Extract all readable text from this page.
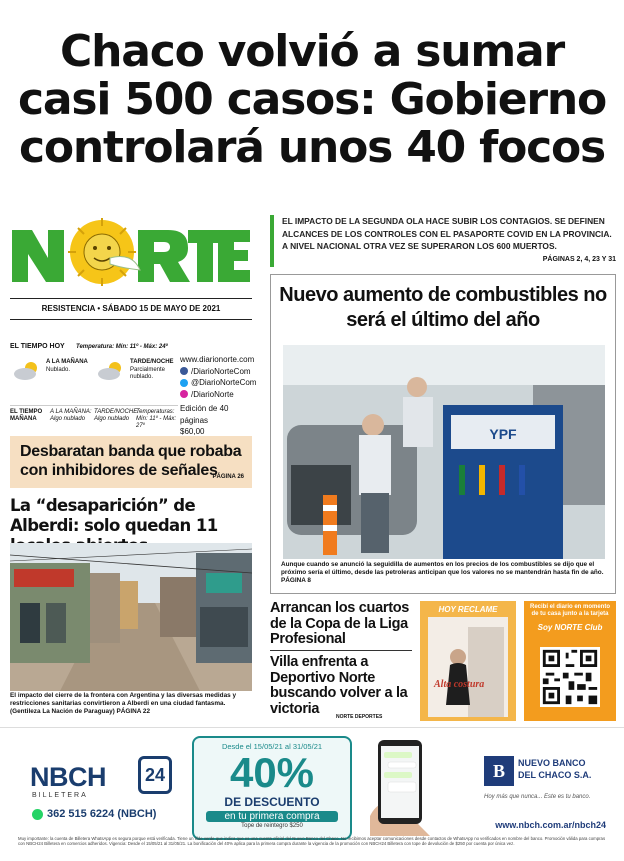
Chaco volvió a sumar
casi 500 casos: Gobierno
controlará unos 40 focos
RESISTENCIA • SÁBADO 15 DE MAYO DE 2021
EL IMPACTO DE LA SEGUNDA OLA HACE SUBIR LOS CONTAGIOS. SE DEFINEN ALCANCES DE LOS CONTROLES CON EL PASAPORTE COVID EN LA PROVINCIA. A NIVEL NACIONAL OTRA VEZ SE SUPERARON LOS 600 MUERTOS.
PÁGINAS 2, 4, 23 Y 31
EL TIEMPO HOY Temperatura: Mín: 11º - Máx: 24º
A LA MAÑANA
Nublado.
TARDE/NOCHE
Parcialmente nublado.
EL TIEMPO MAÑANA
A LA MAÑANA: Algo nublado
TARDE/NOCHE: Algo nublado
Temperaturas: Mín: 11º - Máx: 27º
www.diarionorte.com
/DiarioNorteCom
@DiarioNorteCom
/DiarioNorte
Edición de 40 páginas
$60,00
Desbaratan banda que robaba con inhibidores de señales
PÁGINA 26
La “desaparición” de Alberdi: solo quedan 11
El impacto del cierre de la frontera con Argentina y las diversas medidas y restricciones sanitarias convirtieron a Alberdi en una ciudad fantasma. (Gentileza La Nación de Paraguay) PÁGINA 22
Nuevo aumento de combustibles no será el último del año
YPF
Aunque cuando se anunció la seguidilla de aumentos en los precios de los combustibles se dijo que el próximo sería el último, desde las petroleras anticipan que los valores no se mantendrán hasta fin de año. PÁGINA 8
Arrancan los cuartos de la Copa de la Liga Profesional
Villa enfrenta a Deportivo Norte buscando volver a la victoria
NORTE DEPORTES
HOY RECLAME
Alta costura
Recibí el diario en momento de tu casa junto a la tarjeta
Soy NORTE Club
NBCH	24
BILLETERA
362 515 6224 (NBCH)
Desde el 15/05/21 al 31/05/21
40%
DE DESCUENTO
en tu primera compra
Tope de reintegro $250
B NUEVO BANCO
DEL CHACO S.A.
Hoy más que nunca... Este es tu banco.
www.nbch.com.ar/nbch24
Muy importante: la cuenta de Billetera WhatsApp es segura porque está verificada. Tiene un tilde verde que indica que es una cuenta oficial del Nuevo Banco del Chaco. No recibimos aceptar comunicaciones desde contactos de WhatsApp no verificados en nombre del banco. Promoción válida para compras con NBCH24 Billetera en comercios adheridos. Vigencia: Desde el 15/05/21 al 31/05/21. La bonificación del 40% aplica para la primera compra durante la vigencia de la promoción con NBCH24 Billetera con tope de devolución de $250 por cuenta por única vez.
